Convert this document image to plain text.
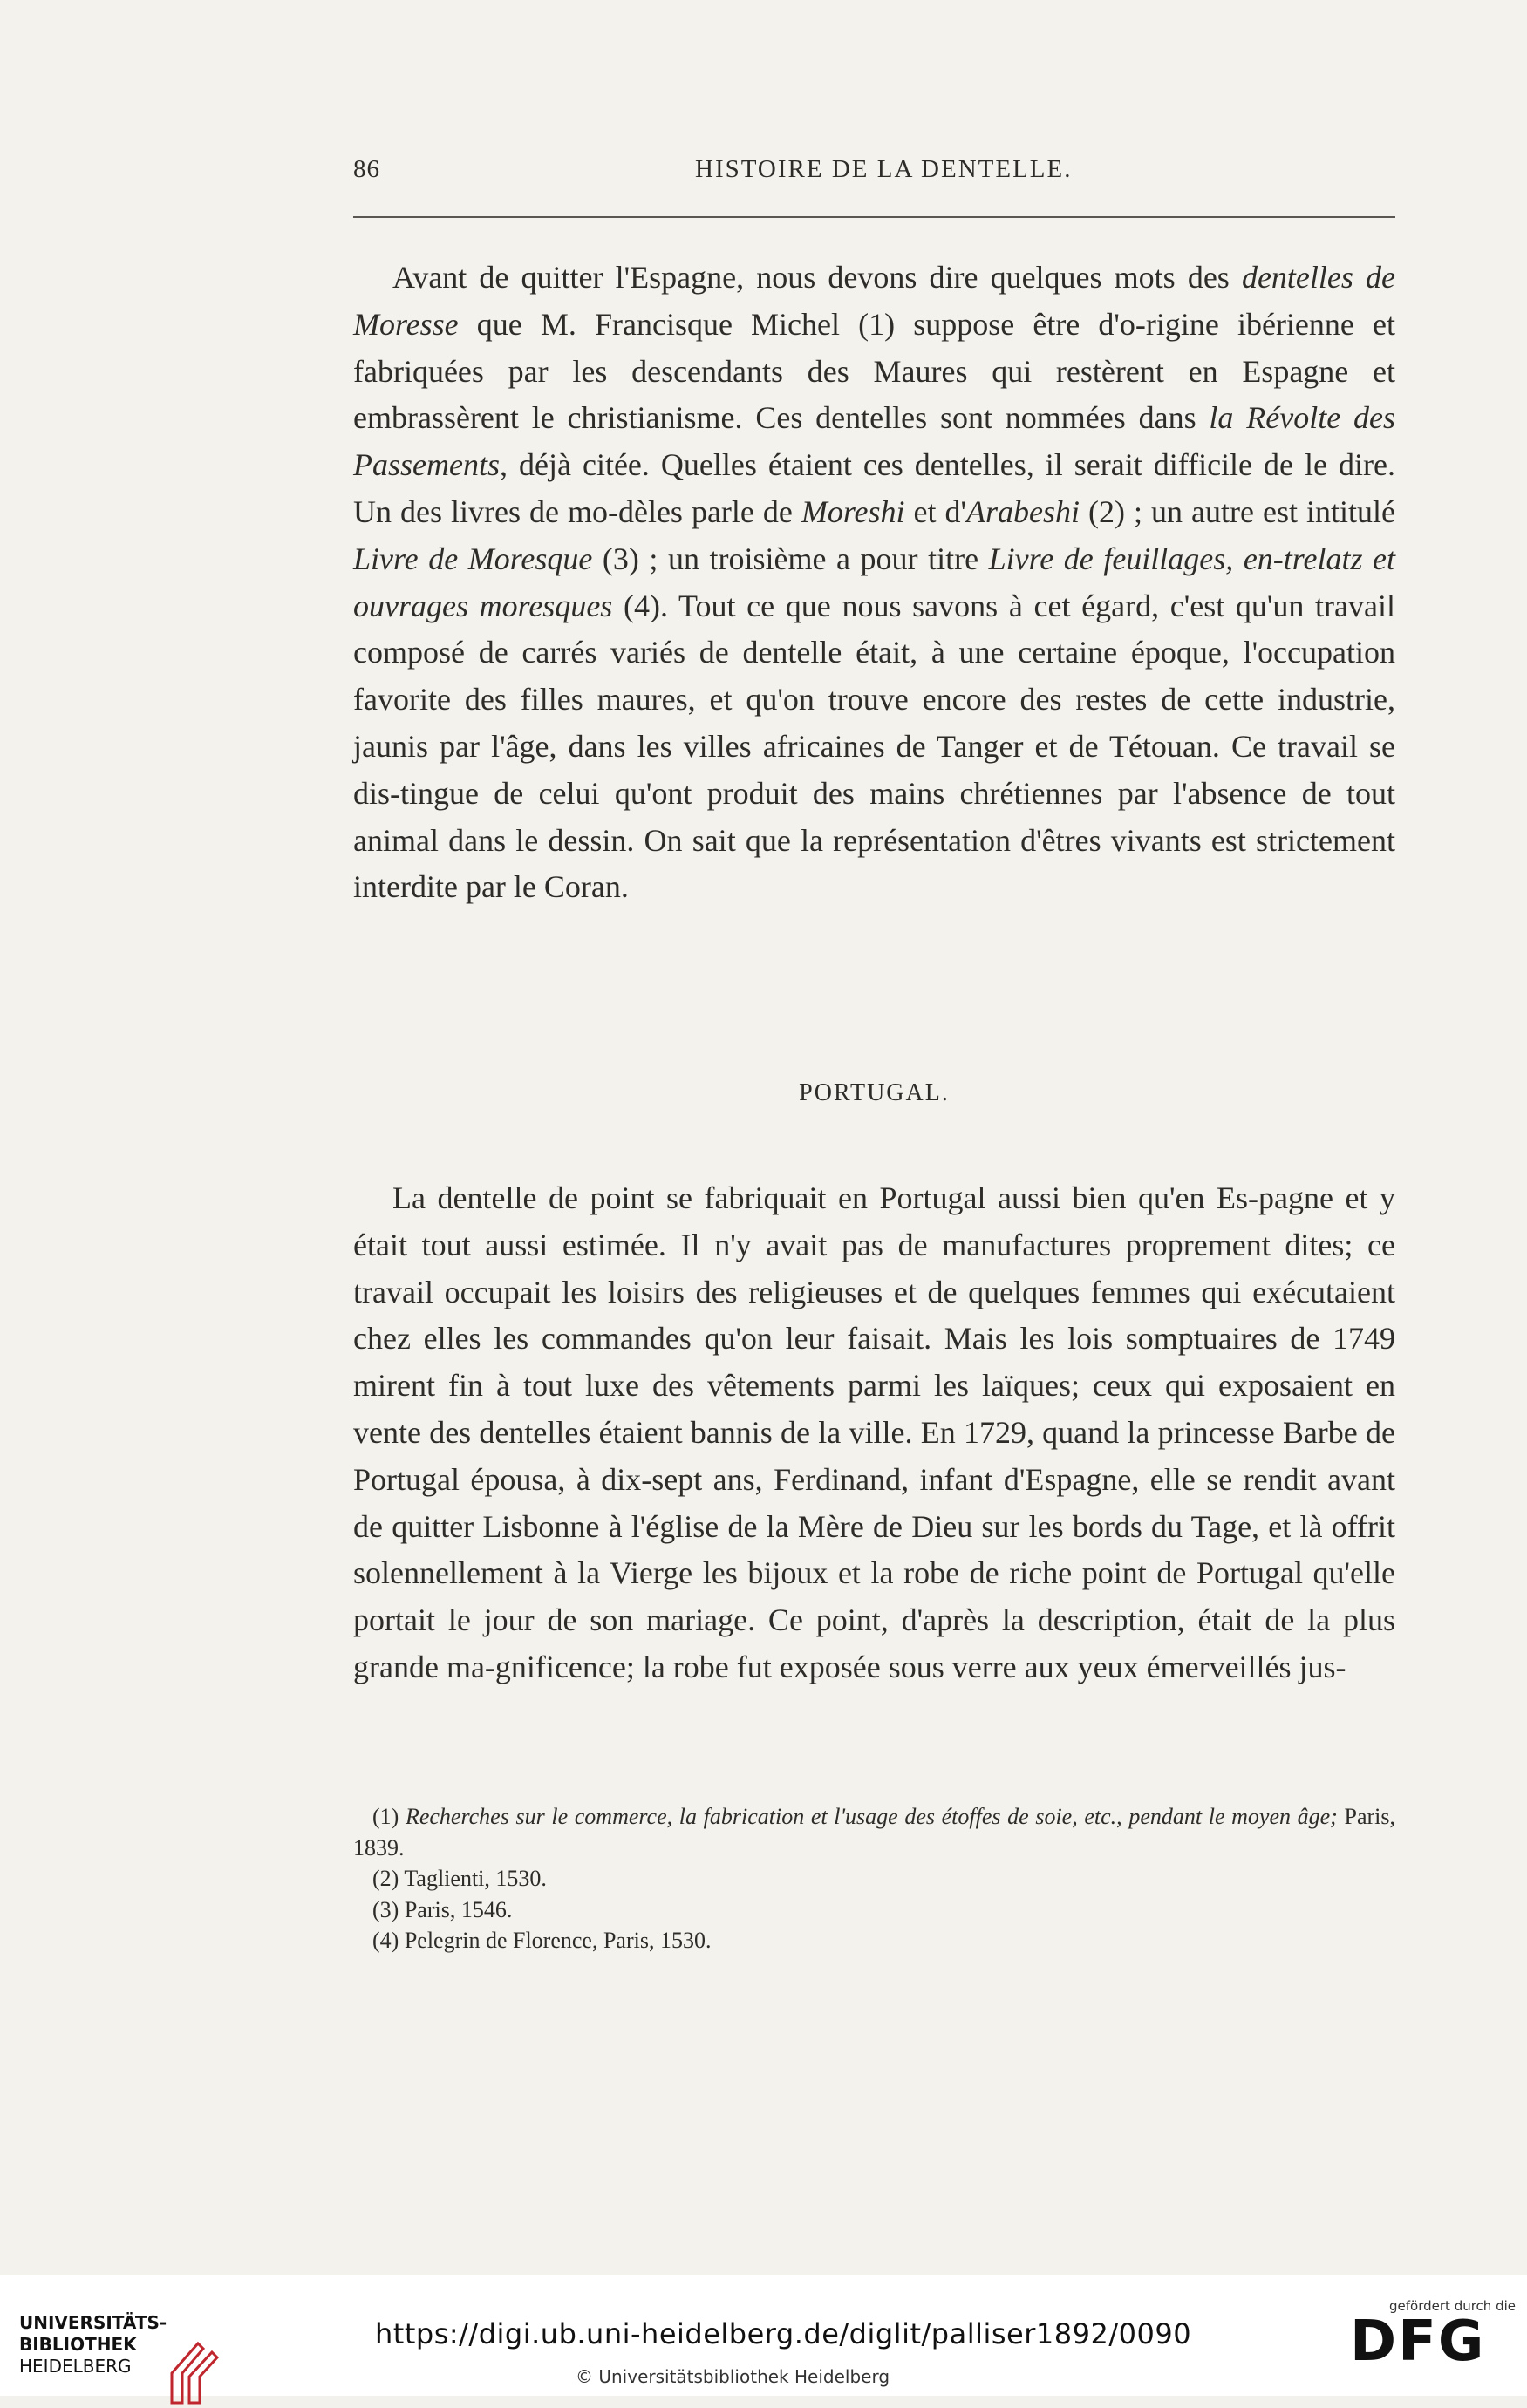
86	HISTOIRE DE LA DENTELLE.

Avant de quitter l'Espagne, nous devons dire quelques mots des dentelles de Moresse que M. Francisque Michel (1) suppose être d'o-rigine ibérienne et fabriquées par les descendants des Maures qui restèrent en Espagne et embrassèrent le christianisme. Ces dentelles sont nommées dans la Révolte des Passements, déjà citée. Quelles étaient ces dentelles, il serait difficile de le dire. Un des livres de mo-dèles parle de Moreshi et d'Arabeshi (2) ; un autre est intitulé Livre de Moresque (3) ; un troisième a pour titre Livre de feuillages, en-trelatz et ouvrages moresques (4). Tout ce que nous savons à cet égard, c'est qu'un travail composé de carrés variés de dentelle était, à une certaine époque, l'occupation favorite des filles maures, et qu'on trouve encore des restes de cette industrie, jaunis par l'âge, dans les villes africaines de Tanger et de Tétouan. Ce travail se dis-tingue de celui qu'ont produit des mains chrétiennes par l'absence de tout animal dans le dessin. On sait que la représentation d'êtres vivants est strictement interdite par le Coran.

PORTUGAL.

La dentelle de point se fabriquait en Portugal aussi bien qu'en Es-pagne et y était tout aussi estimée. Il n'y avait pas de manufactures proprement dites; ce travail occupait les loisirs des religieuses et de quelques femmes qui exécutaient chez elles les commandes qu'on leur faisait. Mais les lois somptuaires de 1749 mirent fin à tout luxe des vêtements parmi les laïques; ceux qui exposaient en vente des dentelles étaient bannis de la ville. En 1729, quand la princesse Barbe de Portugal épousa, à dix-sept ans, Ferdinand, infant d'Espagne, elle se rendit avant de quitter Lisbonne à l'église de la Mère de Dieu sur les bords du Tage, et là offrit solennellement à la Vierge les bijoux et la robe de riche point de Portugal qu'elle portait le jour de son mariage. Ce point, d'après la description, était de la plus grande ma-gnificence; la robe fut exposée sous verre aux yeux émerveillés jus-

(1) Recherches sur le commerce, la fabrication et l'usage des étoffes de soie, etc., pendant le moyen âge; Paris, 1839.

(2) Taglienti, 1530.

(3) Paris, 1546.

(4) Pelegrin de Florence, Paris, 1530.

UNIVERSITÄTS-
BIBLIOTHEK
HEIDELBERG
https://digi.ub.uni-heidelberg.de/diglit/palliser1892/0090
© Universitätsbibliothek Heidelberg
gefördert durch die
DFG
